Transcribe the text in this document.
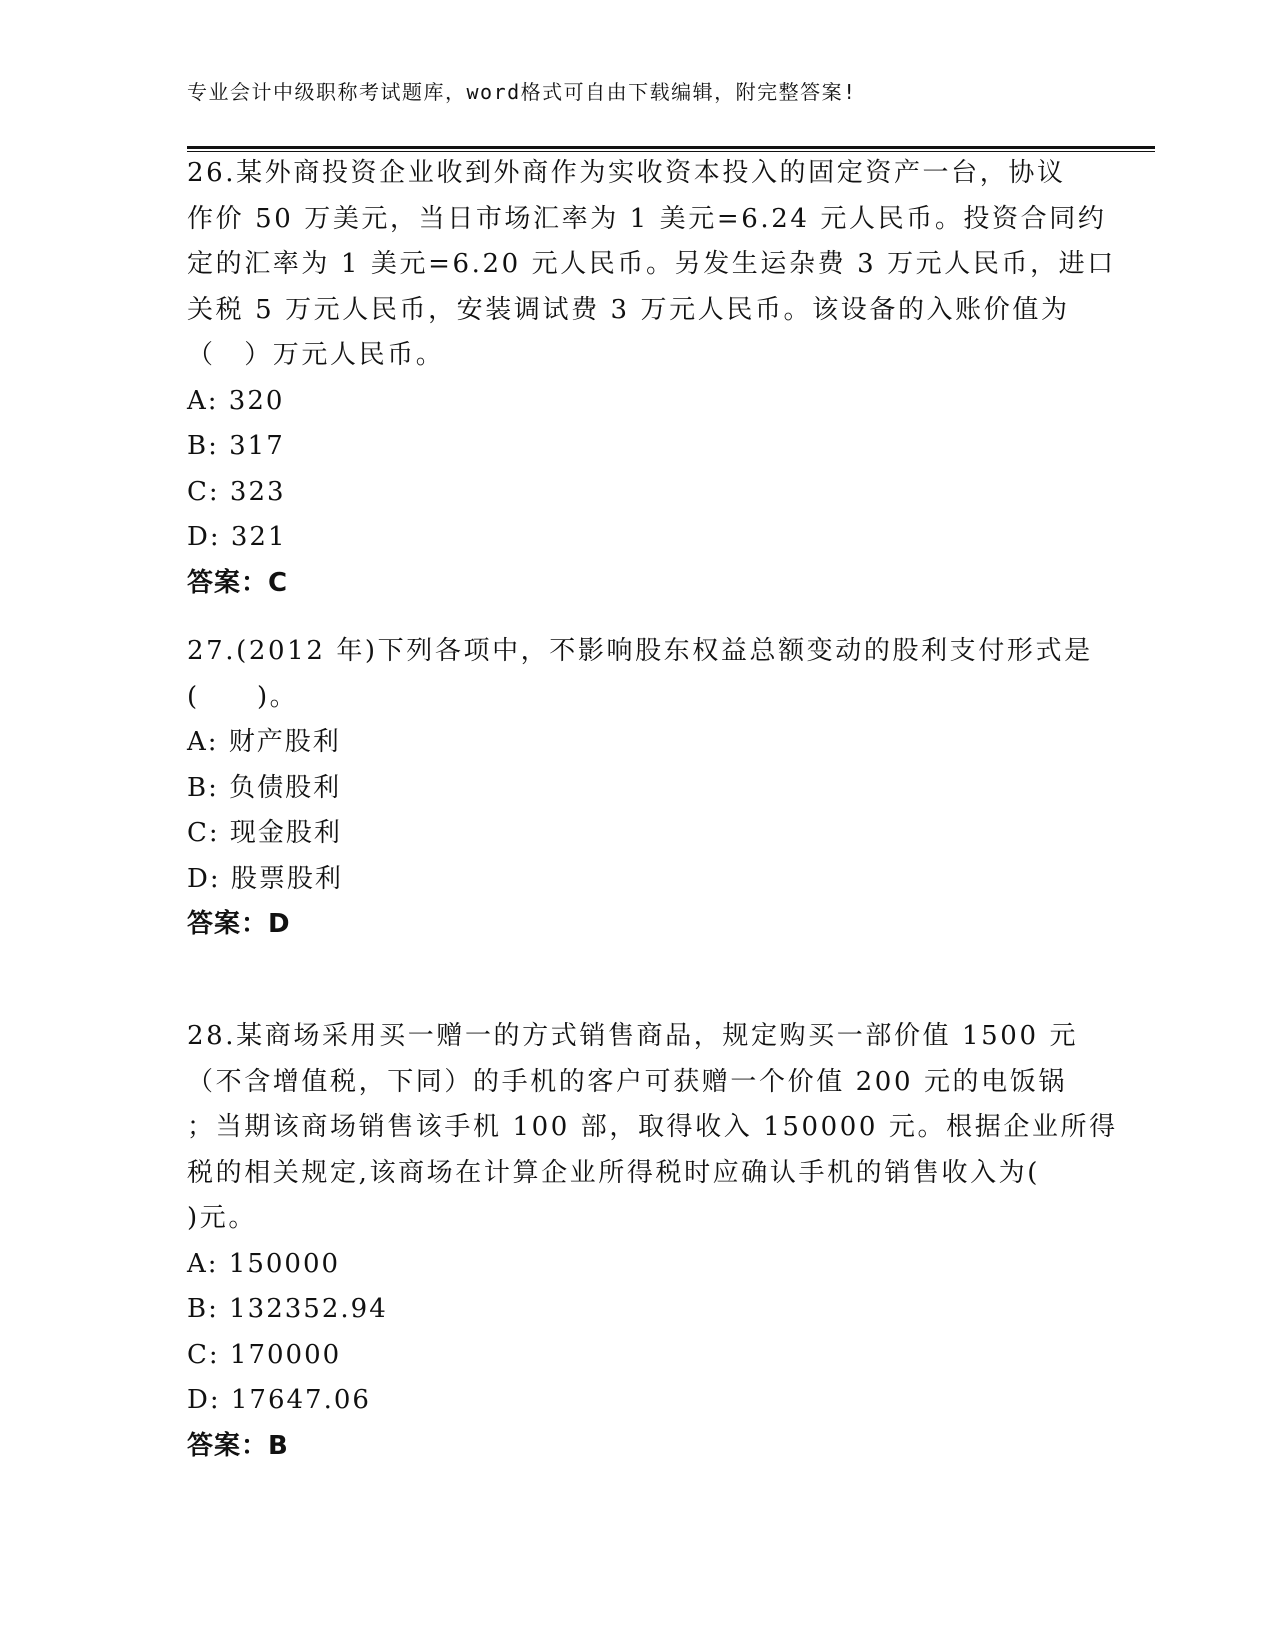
专业会计中级职称考试题库，word格式可自由下载编辑，附完整答案!
26.某外商投资企业收到外商作为实收资本投入的固定资产一台，协议
作价 50 万美元，当日市场汇率为 1 美元=6.24 元人民币。投资合同约
定的汇率为 1 美元=6.20 元人民币。另发生运杂费 3 万元人民币，进口
关税 5 万元人民币，安装调试费 3 万元人民币。该设备的入账价值为
（　）万元人民币。
A: 320
B: 317
C: 323
D: 321
答案：C
27.(2012 年)下列各项中，不影响股东权益总额变动的股利支付形式是
(　　)。
A: 财产股利
B: 负债股利
C: 现金股利
D: 股票股利
答案：D
28.某商场采用买一赠一的方式销售商品，规定购买一部价值 1500 元
（不含增值税，下同）的手机的客户可获赠一个价值 200 元的电饭锅
；当期该商场销售该手机 100 部，取得收入 150000 元。根据企业所得
税的相关规定,该商场在计算企业所得税时应确认手机的销售收入为(
)元。
A: 150000
B: 132352.94
C: 170000
D: 17647.06
答案：B
